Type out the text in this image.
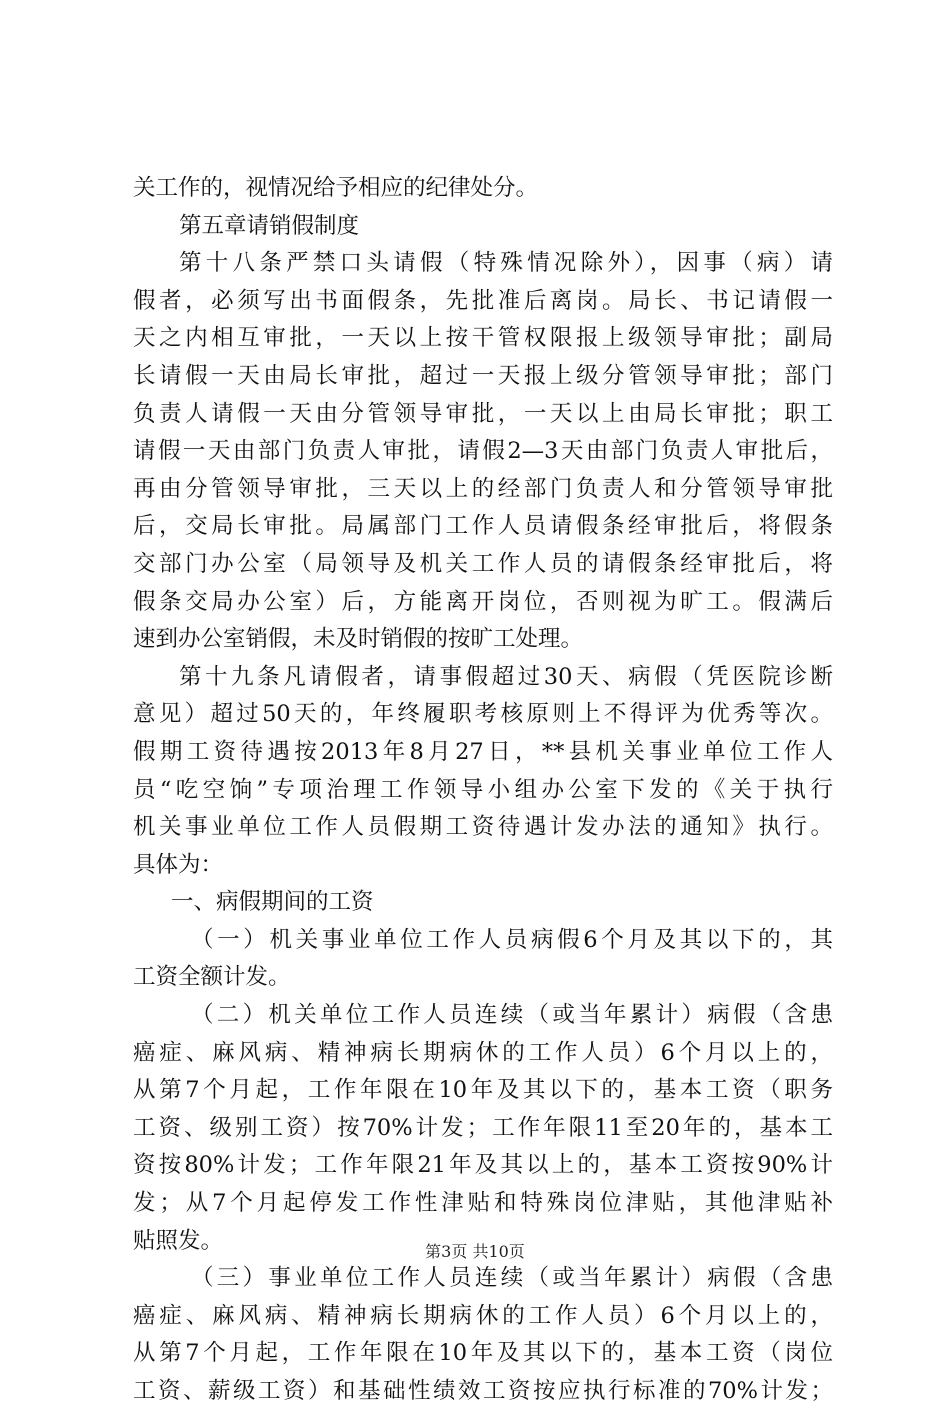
关工作的，视情况给予相应的纪律处分。
第五章请销假制度
第十八条严禁口头请假（特殊情况除外），因事（病）请
假者，必须写出书面假条，先批准后离岗。局长、书记请假一
天之内相互审批，一天以上按干管权限报上级领导审批；副局
长请假一天由局长审批，超过一天报上级分管领导审批；部门
负责人请假一天由分管领导审批，一天以上由局长审批；职工
请假一天由部门负责人审批，请假2—3天由部门负责人审批后，
再由分管领导审批，三天以上的经部门负责人和分管领导审批
后，交局长审批。局属部门工作人员请假条经审批后，将假条
交部门办公室（局领导及机关工作人员的请假条经审批后，将
假条交局办公室）后，方能离开岗位，否则视为旷工。假满后
速到办公室销假，未及时销假的按旷工处理。
第十九条凡请假者，请事假超过30天、病假（凭医院诊断
意见）超过50天的，年终履职考核原则上不得评为优秀等次。
假期工资待遇按2013年8月27日，**县机关事业单位工作人
员“吃空饷”专项治理工作领导小组办公室下发的《关于执行
机关事业单位工作人员假期工资待遇计发办法的通知》执行。
具体为：
一、病假期间的工资
（一）机关事业单位工作人员病假6个月及其以下的，其
工资全额计发。
（二）机关单位工作人员连续（或当年累计）病假（含患
癌症、麻风病、精神病长期病休的工作人员）6个月以上的，
从第7个月起，工作年限在10年及其以下的，基本工资（职务
工资、级别工资）按70%计发；工作年限11至20年的，基本工
资按80%计发；工作年限21年及其以上的，基本工资按90%计
发；从7个月起停发工作性津贴和特殊岗位津贴，其他津贴补
贴照发。
（三）事业单位工作人员连续（或当年累计）病假（含患
癌症、麻风病、精神病长期病休的工作人员）6个月以上的，
从第7个月起，工作年限在10年及其以下的，基本工资（岗位
工资、薪级工资）和基础性绩效工资按应执行标准的70%计发；
第3页 共10页
